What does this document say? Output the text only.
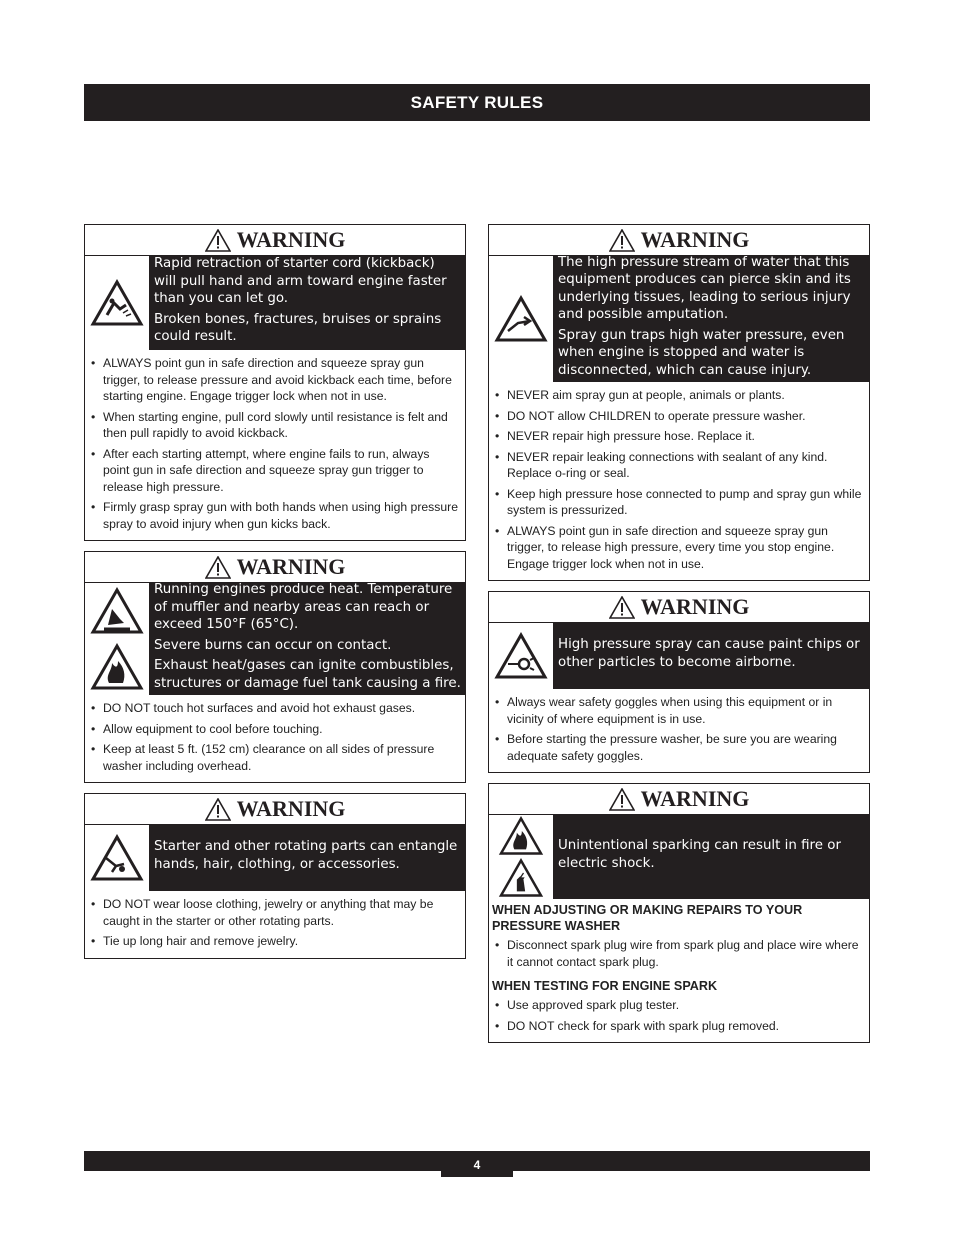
SAFETY RULES
WARNING

Rapid retraction of starter cord (kickback) will pull hand and arm toward engine faster than you can let go.

Broken bones, fractures, bruises or sprains could result.

• ALWAYS point gun in safe direction and squeeze spray gun trigger, to release pressure and avoid kickback each time, before starting engine. Engage trigger lock when not in use.
• When starting engine, pull cord slowly until resistance is felt and then pull rapidly to avoid kickback.
• After each starting attempt, where engine fails to run, always point gun in safe direction and squeeze spray gun trigger to release high pressure.
• Firmly grasp spray gun with both hands when using high pressure spray to avoid injury when gun kicks back.
WARNING

Running engines produce heat. Temperature of muffler and nearby areas can reach or exceed 150°F (65°C).

Severe burns can occur on contact.

Exhaust heat/gases can ignite combustibles, structures or damage fuel tank causing a fire.

• DO NOT touch hot surfaces and avoid hot exhaust gases.
• Allow equipment to cool before touching.
• Keep at least 5 ft. (152 cm) clearance on all sides of pressure washer including overhead.
WARNING

Starter and other rotating parts can entangle hands, hair, clothing, or accessories.

• DO NOT wear loose clothing, jewelry or anything that may be caught in the starter or other rotating parts.
• Tie up long hair and remove jewelry.
WARNING

The high pressure stream of water that this equipment produces can pierce skin and its underlying tissues, leading to serious injury and possible amputation.

Spray gun traps high water pressure, even when engine is stopped and water is disconnected, which can cause injury.

• NEVER aim spray gun at people, animals or plants.
• DO NOT allow CHILDREN to operate pressure washer.
• NEVER repair high pressure hose. Replace it.
• NEVER repair leaking connections with sealant of any kind. Replace o-ring or seal.
• Keep high pressure hose connected to pump and spray gun while system is pressurized.
• ALWAYS point gun in safe direction and squeeze spray gun trigger, to release high pressure, every time you stop engine. Engage trigger lock when not in use.
WARNING

High pressure spray can cause paint chips or other particles to become airborne.

• Always wear safety goggles when using this equipment or in vicinity of where equipment is in use.
• Before starting the pressure washer, be sure you are wearing adequate safety goggles.
WARNING

Unintentional sparking can result in fire or electric shock.

WHEN ADJUSTING OR MAKING REPAIRS TO YOUR PRESSURE WASHER
• Disconnect spark plug wire from spark plug and place wire where it cannot contact spark plug.
WHEN TESTING FOR ENGINE SPARK
• Use approved spark plug tester.
• DO NOT check for spark with spark plug removed.
4
